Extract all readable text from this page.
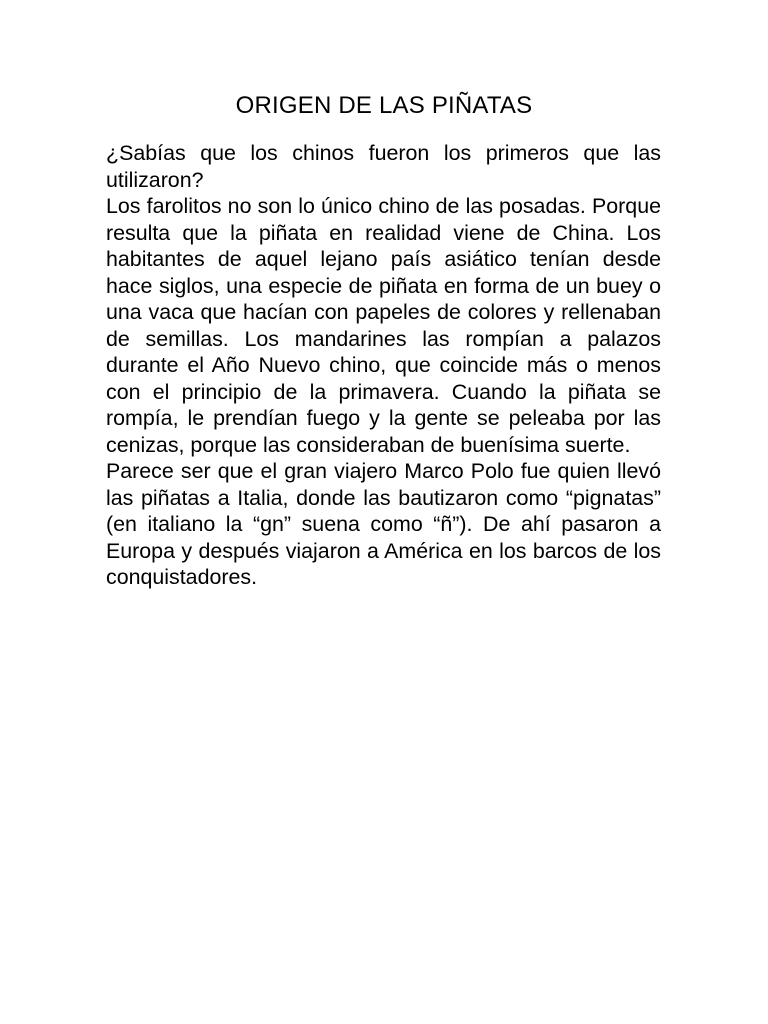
ORIGEN DE LAS PIÑATAS

¿Sabías que los chinos fueron los primeros que las utilizaron?

Los farolitos no son lo único chino de las posadas. Porque resulta que la piñata en realidad viene de China. Los habitantes de aquel lejano país asiático tenían desde hace siglos, una especie de piñata en forma de un buey o una vaca que hacían con papeles de colores y rellenaban de semillas. Los mandarines las rompían a palazos durante el Año Nuevo chino, que coincide más o menos con el principio de la primavera. Cuando la piñata se rompía, le prendían fuego y la gente se peleaba por las cenizas, porque las consideraban de buenísima suerte.

Parece ser que el gran viajero Marco Polo fue quien llevó las piñatas a Italia, donde las bautizaron como “pignatas” (en italiano la “gn” suena como “ñ”). De ahí pasaron a Europa y después viajaron a América en los barcos de los conquistadores.
